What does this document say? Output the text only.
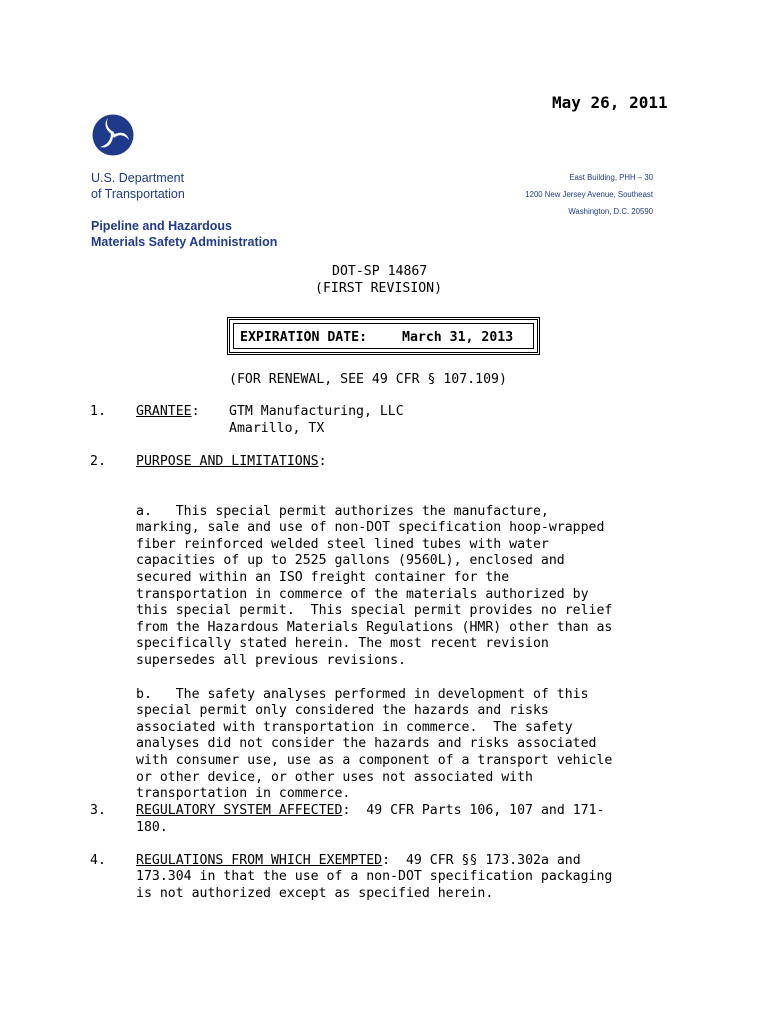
May 26, 2011
U.S. Department
of Transportation
East Building, PHH – 30
1200 New Jersey Avenue, Southeast
Washington, D.C. 20590
Pipeline and Hazardous
Materials Safety Administration
DOT-SP 14867
(FIRST REVISION)
EXPIRATION DATE:	March 31, 2013
(FOR RENEWAL, SEE 49 CFR § 107.109)
1. GRANTEE: GTM Manufacturing, LLC
Amarillo, TX
2. PURPOSE AND LIMITATIONS:

a.   This special permit authorizes the manufacture,
marking, sale and use of non-DOT specification hoop-wrapped
fiber reinforced welded steel lined tubes with water
capacities of up to 2525 gallons (9560L), enclosed and
secured within an ISO freight container for the
transportation in commerce of the materials authorized by
this special permit.  This special permit provides no relief
from the Hazardous Materials Regulations (HMR) other than as
specifically stated herein. The most recent revision
supersedes all previous revisions.

b.   The safety analyses performed in development of this
special permit only considered the hazards and risks
associated with transportation in commerce.  The safety
analyses did not consider the hazards and risks associated
with consumer use, use as a component of a transport vehicle
or other device, or other uses not associated with
transportation in commerce.

3. REGULATORY SYSTEM AFFECTED:  49 CFR Parts 106, 107 and 171-
180.
4. REGULATIONS FROM WHICH EXEMPTED:  49 CFR §§ 173.302a and
173.304 in that the use of a non-DOT specification packaging
is not authorized except as specified herein.
